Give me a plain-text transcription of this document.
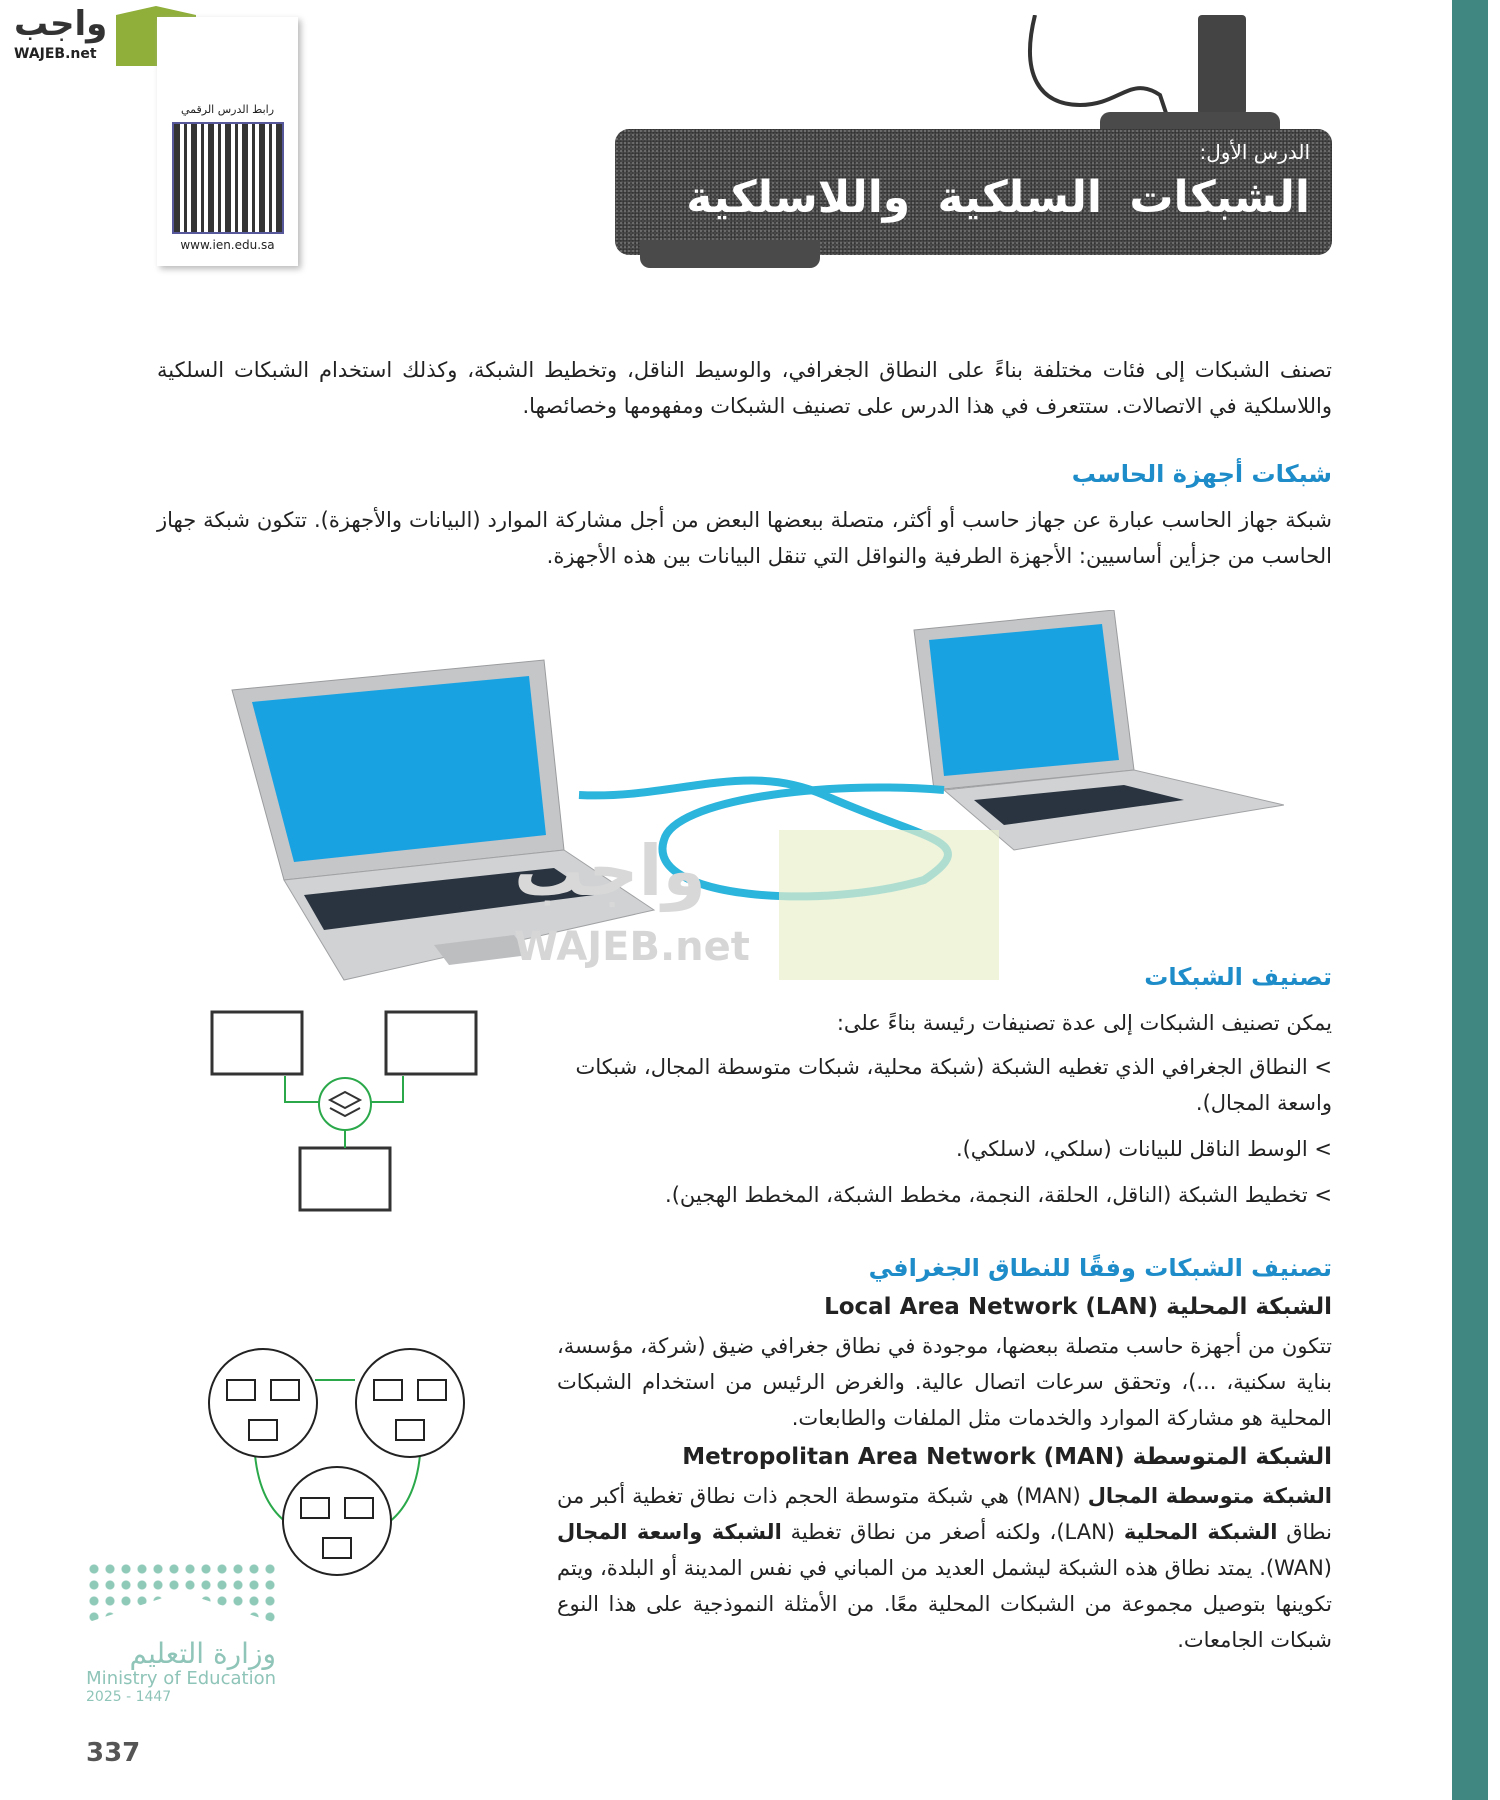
واجب
WAJEB.net
رابط الدرس الرقمي
www.ien.edu.sa
الدرس الأول:
الشبكات السلكية واللاسلكية

تصنف الشبكات إلى فئات مختلفة بناءً على النطاق الجغرافي، والوسيط الناقل، وتخطيط الشبكة، وكذلك استخدام الشبكات السلكية واللاسلكية في الاتصالات. ستتعرف في هذا الدرس على تصنيف الشبكات ومفهومها وخصائصها.

شبكات أجهزة الحاسب

شبكة جهاز الحاسب عبارة عن جهاز حاسب أو أكثر، متصلة ببعضها البعض من أجل مشاركة الموارد (البيانات والأجهزة). تتكون شبكة جهاز الحاسب من جزأين أساسيين: الأجهزة الطرفية والنواقل التي تنقل البيانات بين هذه الأجهزة.

واجب
WAJEB.net
تصنيف الشبكات

يمكن تصنيف الشبكات إلى عدة تصنيفات رئيسة بناءً على:

> النطاق الجغرافي الذي تغطيه الشبكة (شبكة محلية، شبكات متوسطة المجال، شبكات واسعة المجال).
> الوسط الناقل للبيانات (سلكي، لاسلكي).
> تخطيط الشبكة (الناقل، الحلقة، النجمة، مخطط الشبكة، المخطط الهجين).
تصنيف الشبكات وفقًا للنطاق الجغرافي
الشبكة المحلية (Local Area Network (LAN

تتكون من أجهزة حاسب متصلة ببعضها، موجودة في نطاق جغرافي ضيق (شركة، مؤسسة، بناية سكنية، ...)، وتحقق سرعات اتصال عالية. والغرض الرئيس من استخدام الشبكات المحلية هو مشاركة الموارد والخدمات مثل الملفات والطابعات.

الشبكة المتوسطة (Metropolitan Area Network (MAN

الشبكة متوسطة المجال (MAN) هي شبكة متوسطة الحجم ذات نطاق تغطية أكبر من نطاق الشبكة المحلية (LAN)، ولكنه أصغر من نطاق تغطية الشبكة واسعة المجال (WAN). يمتد نطاق هذه الشبكة ليشمل العديد من المباني في نفس المدينة أو البلدة، ويتم تكوينها بتوصيل مجموعة من الشبكات المحلية معًا. من الأمثلة النموذجية على هذا النوع شبكات الجامعات.

وزارة التعليم
Ministry of Education
2025 - 1447
337
